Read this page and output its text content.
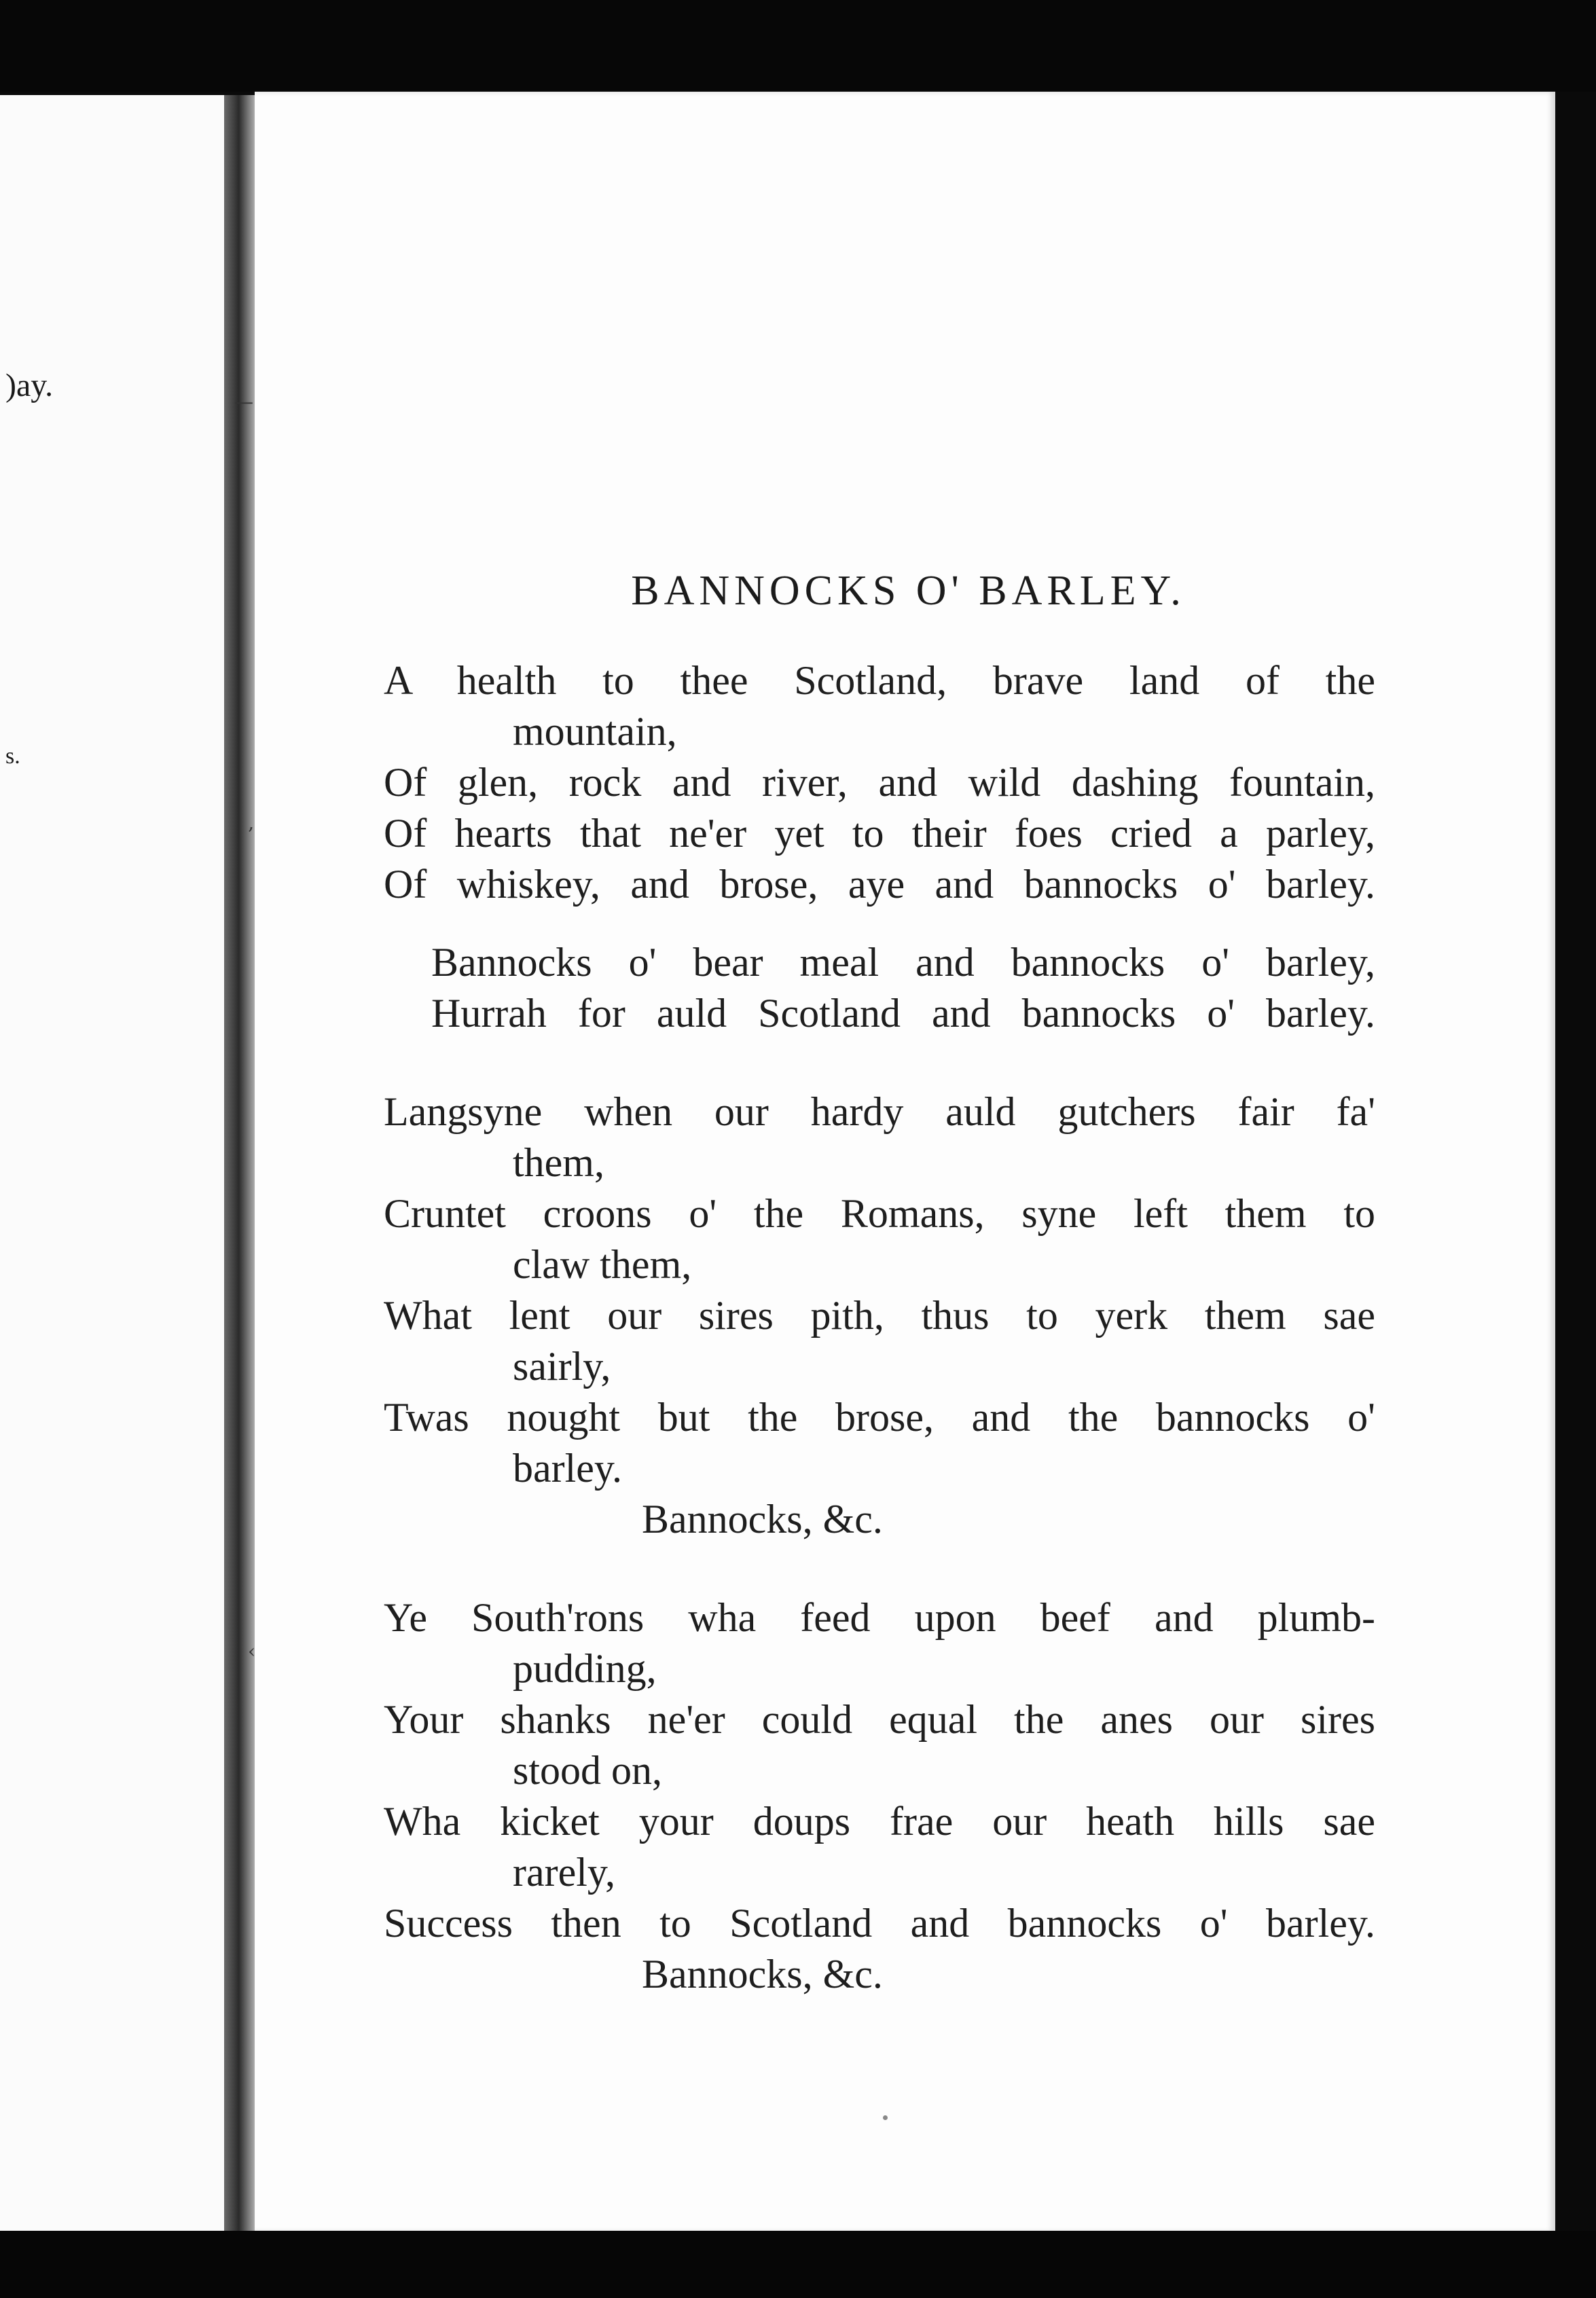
)ay.
s.
—
‚
‹
BANNOCKS O' BARLEY.
A health to thee Scotland, brave land of the
mountain,
Of glen, rock and river, and wild dashing fountain,
Of hearts that ne'er yet to their foes cried a parley,
Of whiskey, and brose, aye and bannocks o' barley.
Bannocks o' bear meal and bannocks o' barley,
Hurrah for auld Scotland and bannocks o' barley.
Langsyne when our hardy auld gutchers fair fa'
them,
Cruntet croons o' the Romans, syne left them to
claw them,
What lent our sires pith, thus to yerk them sae
sairly,
Twas nought but the brose, and the bannocks o'
barley.
Bannocks, &c.
Ye South'rons wha feed upon beef and plumb-
pudding,
Your shanks ne'er could equal the anes our sires
stood on,
Wha kicket your doups frae our heath hills sae
rarely,
Success then to Scotland and bannocks o' barley.
Bannocks, &c.
